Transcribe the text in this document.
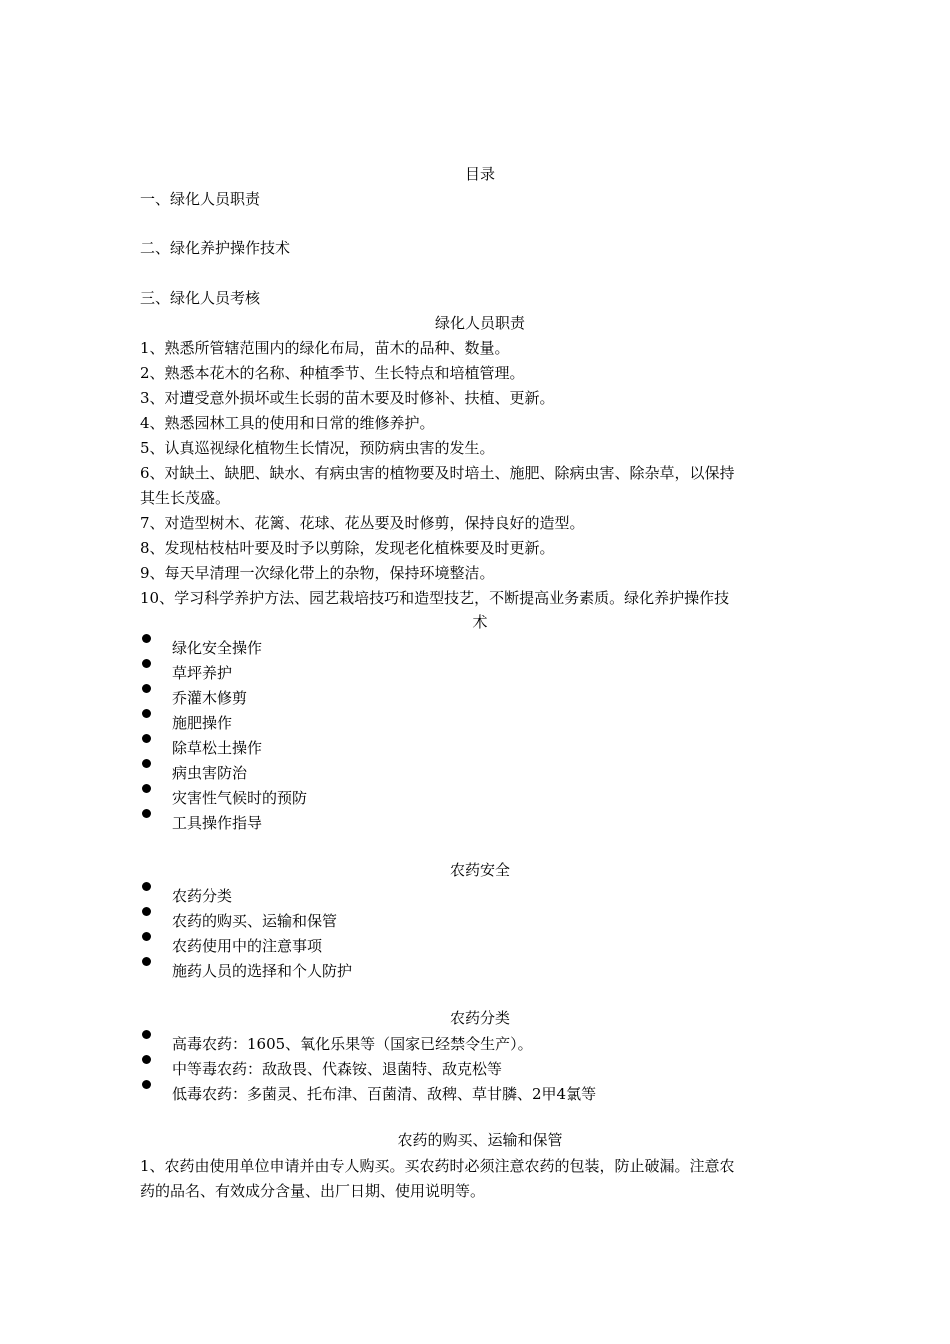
目录
一、绿化人员职责
二、绿化养护操作技术
三、绿化人员考核
绿化人员职责
1、熟悉所管辖范围内的绿化布局，苗木的品种、数量。
2、熟悉本花木的名称、种植季节、生长特点和培植管理。
3、对遭受意外损坏或生长弱的苗木要及时修补、扶植、更新。
4、熟悉园林工具的使用和日常的维修养护。
5、认真巡视绿化植物生长情况，预防病虫害的发生。
6、对缺土、缺肥、缺水、有病虫害的植物要及时培土、施肥、除病虫害、除杂草，以保持
其生长茂盛。
7、对造型树木、花篱、花球、花丛要及时修剪，保持良好的造型。
8、发现枯枝枯叶要及时予以剪除，发现老化植株要及时更新。
9、每天早清理一次绿化带上的杂物，保持环境整洁。
10、学习科学养护方法、园艺栽培技巧和造型技艺，不断提高业务素质。绿化养护操作技
术
绿化安全操作
草坪养护
乔灌木修剪
施肥操作
除草松土操作
病虫害防治
灾害性气候时的预防
工具操作指导
农药安全
农药分类
农药的购买、运输和保管
农药使用中的注意事项
施药人员的选择和个人防护
农药分类
高毒农药：1605、氧化乐果等（国家已经禁令生产）。
中等毒农药：敌敌畏、代森铵、退菌特、敌克松等
低毒农药：多菌灵、托布津、百菌清、敌稗、草甘膦、2甲4氯等
农药的购买、运输和保管
1、农药由使用单位申请并由专人购买。买农药时必须注意农药的包装，防止破漏。注意农
药的品名、有效成分含量、出厂日期、使用说明等。
